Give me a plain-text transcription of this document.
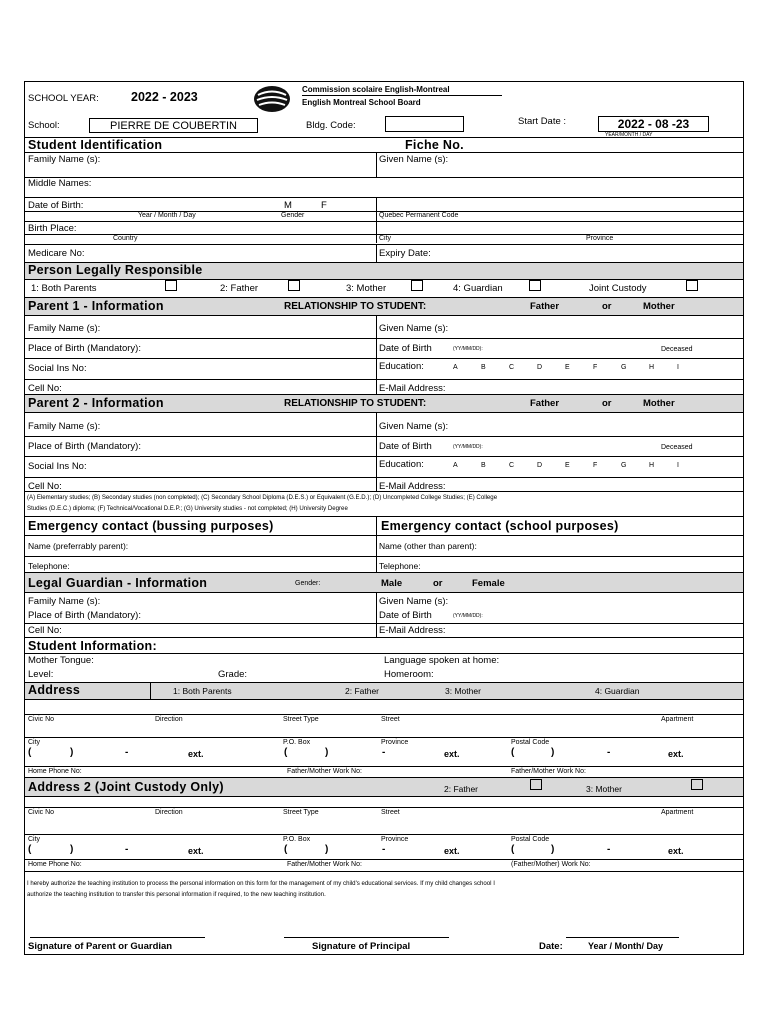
SCHOOL YEAR:	2022 - 2023
Commission scolaire English-Montreal
English Montreal School Board
School:	PIERRE DE COUBERTIN	Bldg. Code:	Start Date :	2022 - 08 -23
YEAR/MONTH / DAY
Student Identification	Fiche No.
Family Name (s):	Given Name (s):
Middle Names:
Date of Birth:	M	F
Year / Month / Day	Gender	Quebec Permanent Code
Birth Place:
Country	City	Province
Medicare No:	Expiry Date:
Person Legally Responsible
1: Both Parents	2: Father	3: Mother	4: Guardian	Joint Custody
Parent 1 - Information	RELATIONSHIP TO STUDENT:	Father	or	Mother
Family Name (s):	Given Name (s):
Place of Birth (Mandatory):	Date of Birth	(YY/MM/DD):	Deceased
Social Ins No:	Education:	A	B	C	D	E	F	G	H	I
Cell No:	E-Mail Address:
Parent 2 - Information	RELATIONSHIP TO STUDENT:	Father	or	Mother
Family Name (s):	Given Name (s):
Place of Birth (Mandatory):	Date of Birth	(YY/MM/DD):	Deceased
Social Ins No:	Education:	A	B	C	D	E	F	G	H	I
Cell No:	E-Mail Address:
(A) Elementary studies; (B) Secondary studies (non completed); (C) Secondary School Diploma (D.E.S.) or Equivalent (G.E.D.); (D) Uncompleted College Studies; (E) College
Studies (D.E.C.) diploma; (F) Technical/Vocational D.E.P.; (G) University studies - not completed; (H) University Degree
Emergency contact (bussing purposes)	Emergency contact (school purposes)
Name (preferrably parent):	Name (other than parent):
Telephone:	Telephone:
Legal Guardian - Information	Gender:	Male	or	Female
Family Name (s):	Given Name (s):
Place of Birth (Mandatory):	Date of Birth	(YY/MM/DD):
Cell No:	E-Mail Address:
Student Information:
Mother Tongue:	Language spoken at home:
Level:	Grade:	Homeroom:
Address	1: Both Parents	2: Father	3: Mother	4: Guardian
Civic No	Direction	Street Type	Street	Apartment
City	P.O. Box	Province	Postal Code
(	)	-	ext.	(	)	-	ext.	(	)	-	ext.
Home Phone No:	Father/Mother Work No:	Father/Mother Work No:
Address 2 (Joint Custody Only)	2: Father	3: Mother
Civic No	Direction	Street Type	Street	Apartment
City	P.O. Box	Province	Postal Code
(	)	-	ext.	(	)	-	ext.	(	)	-	ext.
Home Phone No:	Father/Mother Work No:	(Father/Mother) Work No:
I hereby authorize the teaching institution to process the personal information on this form for the management of my child's educational services. If my child changes school I
authorize the teaching institution to transfer this personal information if required, to the new teaching institution.
Signature of Parent or Guardian	Signature of Principal	Date:	Year / Month/ Day
